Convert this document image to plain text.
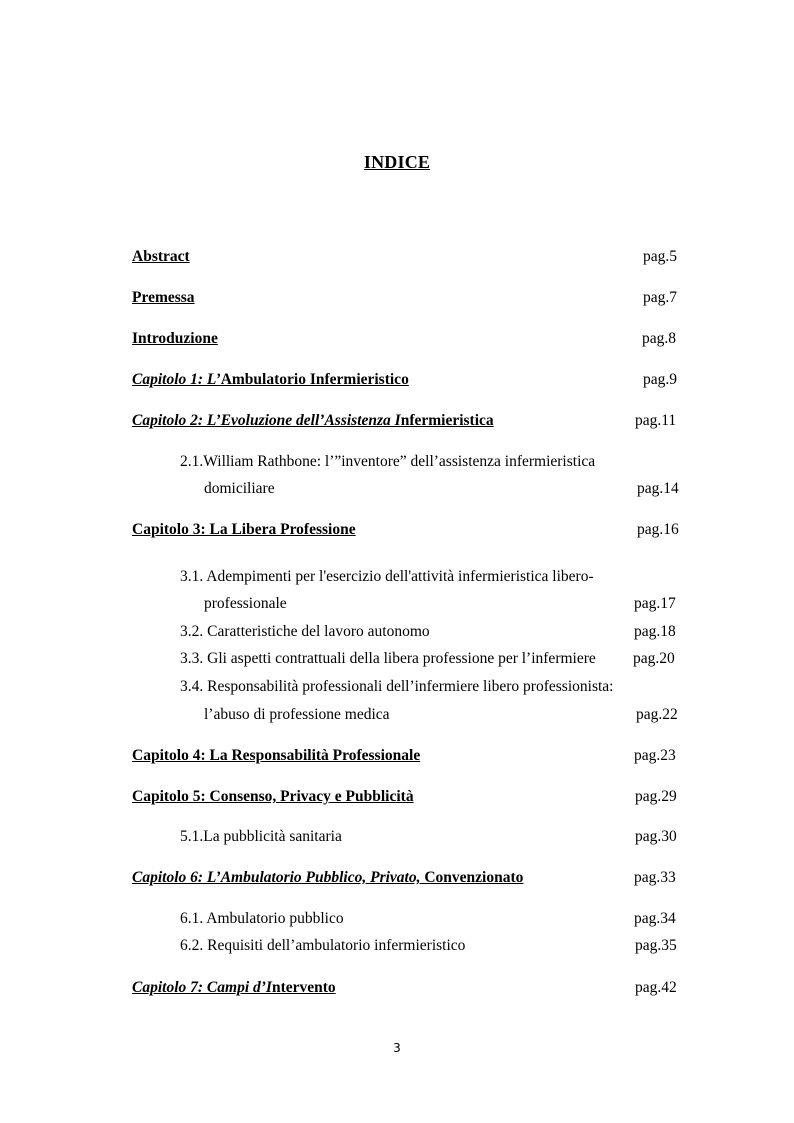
INDICE
Abstract	pag.5
Premessa	pag.7
Introduzione	pag.8
Capitolo 1: L’Ambulatorio Infermieristico	pag.9
Capitolo 2: L’Evoluzione dell’Assistenza Infermieristica	pag.11
2.1.William Rathbone: l’”inventore” dell’assistenza infermieristica
domiciliare	pag.14
Capitolo 3: La Libera Professione	pag.16
3.1. Adempimenti per l'esercizio dell'attività infermieristica libero-
professionale	pag.17
3.2. Caratteristiche del lavoro autonomo	pag.18
3.3. Gli aspetti contrattuali della libera professione per l’infermiere pag.20
3.4. Responsabilità professionali dell’infermiere libero professionista:
l’abuso di professione medica	pag.22
Capitolo 4: La Responsabilità Professionale	pag.23
Capitolo 5: Consenso, Privacy e Pubblicità	pag.29
5.1.La pubblicità sanitaria	pag.30
Capitolo 6: L’Ambulatorio Pubblico, Privato, Convenzionato	pag.33
6.1. Ambulatorio pubblico	pag.34
6.2. Requisiti dell’ambulatorio infermieristico	pag.35
Capitolo 7: Campi d’Intervento	pag.42
3
